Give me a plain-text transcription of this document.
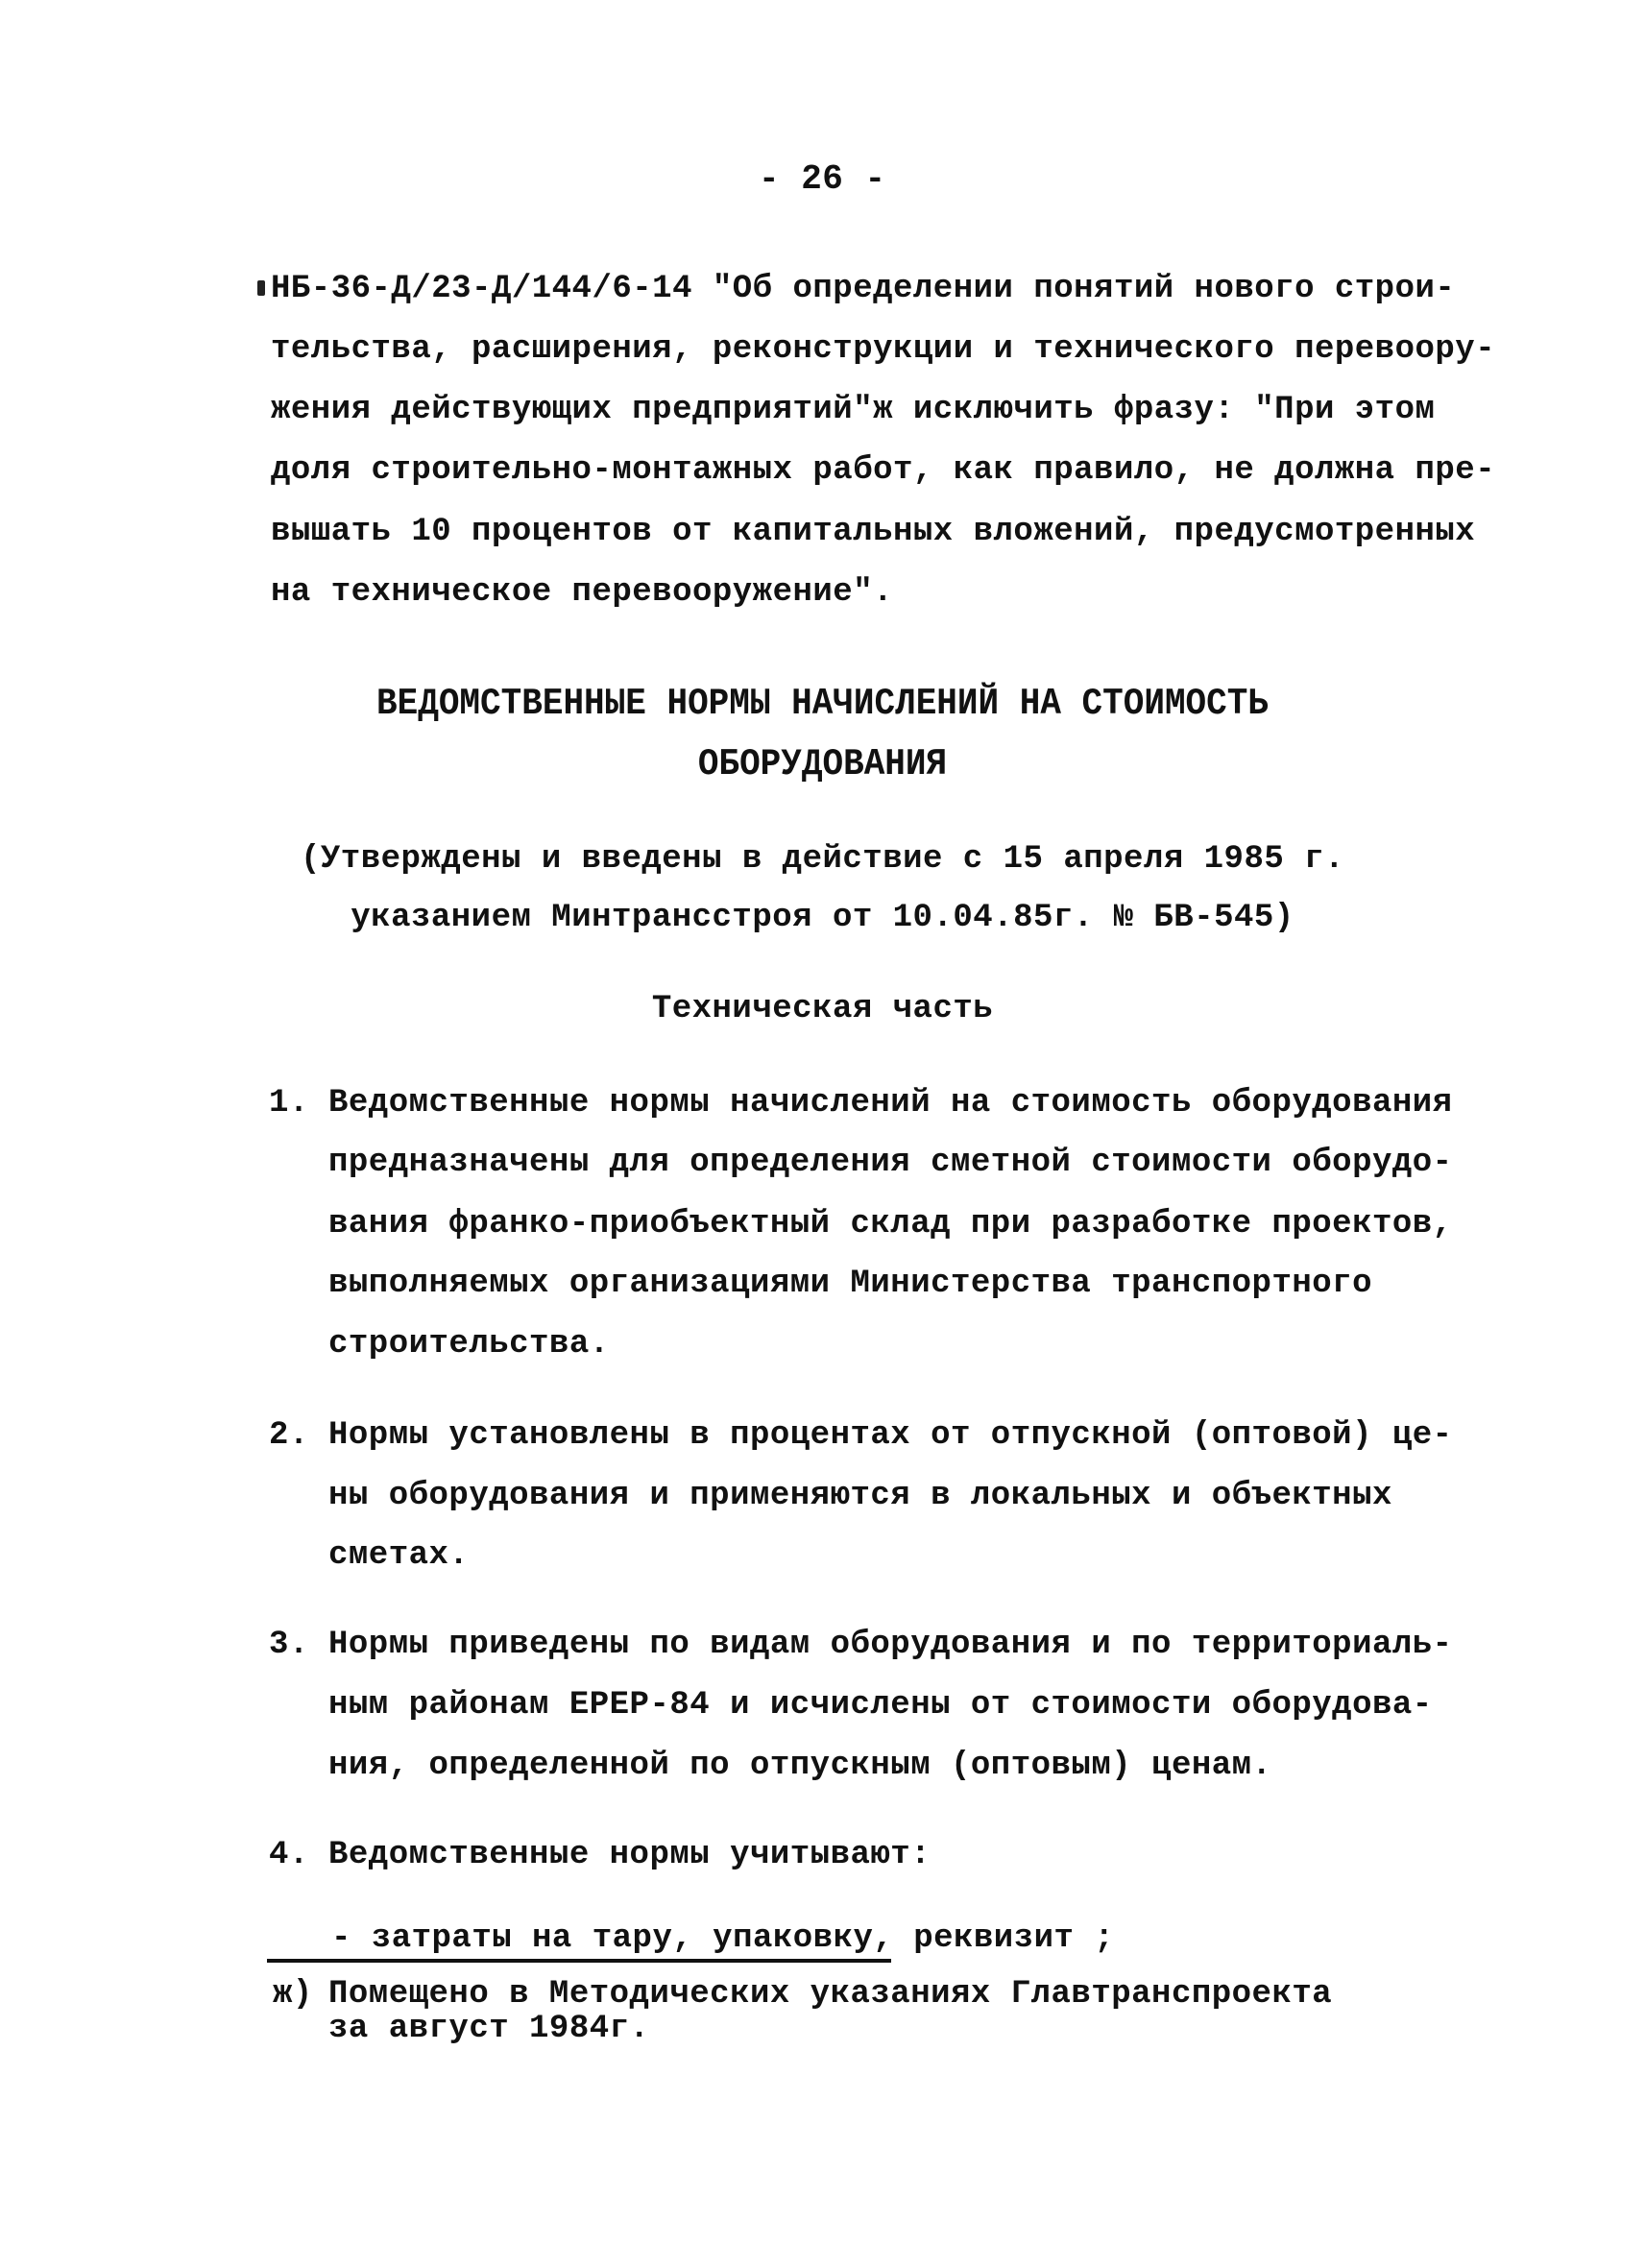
- 26 -
НБ-36-Д/23-Д/144/6-14 "Об определении понятий нового строи-
тельства, расширения, реконструкции и технического перевоору-
жения действующих предприятий"ж исключить фразу: "При этом
доля строительно-монтажных работ, как правило, не должна пре-
вышать 10 процентов от капитальных вложений, предусмотренных
на техническое перевооружение".
ВЕДОМСТВЕННЫЕ НОРМЫ НАЧИСЛЕНИЙ НА СТОИМОСТЬ
ОБОРУДОВАНИЯ
(Утверждены и введены в действие с 15 апреля 1985 г.
указанием Минтрансстроя от 10.04.85г. № БВ-545)
Техническая часть
1. Ведомственные нормы начислений на стоимость оборудования
предназначены для определения сметной стоимости оборудо-
вания франко-приобъектный склад при разработке проектов,
выполняемых организациями Министерства транспортного
строительства.
2. Нормы установлены в процентах от отпускной (оптовой) це-
ны оборудования и применяются в локальных и объектных
сметах.
3. Нормы приведены по видам оборудования и по территориаль-
ным районам ЕРЕР-84 и исчислены от стоимости оборудова-
ния, определенной по отпускным (оптовым) ценам.
4. Ведомственные нормы учитывают:
- затраты на тару, упаковку, реквизит ;
ж) Помещено в Методических указаниях Главтранспроекта
за август 1984г.
